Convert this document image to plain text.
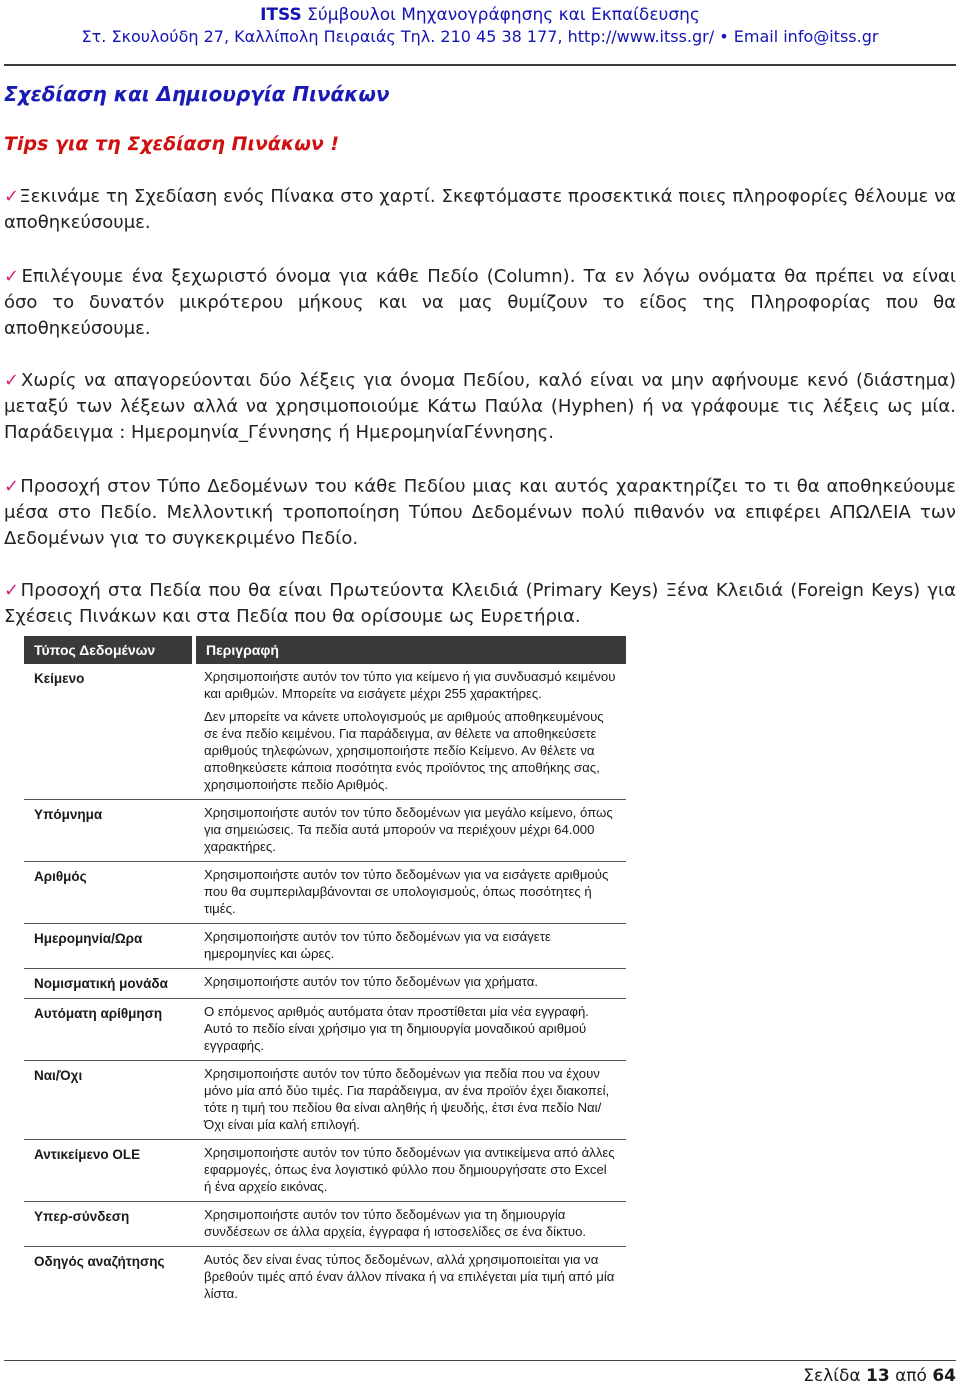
ITSS Σύμβουλοι Μηχανογράφησης και Εκπαίδευσης
Στ. Σκουλούδη 27, Καλλίπολη Πειραιάς Τηλ. 210 45 38 177, http://www.itss.gr/ • Email info@itss.gr
Σχεδίαση και Δημιουργία Πινάκων
Tips για τη Σχεδίαση Πινάκων !
✓Ξεκινάμε τη Σχεδίαση ενός Πίνακα στο χαρτί. Σκεφτόμαστε προσεκτικά ποιες πληροφορίες θέλουμε να αποθηκεύσουμε.
✓Επιλέγουμε ένα ξεχωριστό όνομα για κάθε Πεδίο (Column). Τα εν λόγω ονόματα θα πρέπει να είναι όσο το δυνατόν μικρότερου μήκους και να μας θυμίζουν το είδος της Πληροφορίας που θα αποθηκεύσουμε.
✓Χωρίς να απαγορεύονται δύο λέξεις για όνομα Πεδίου, καλό είναι να μην αφήνουμε κενό (διάστημα) μεταξύ των λέξεων αλλά να χρησιμοποιούμε Κάτω Παύλα (Hyphen) ή να γράφουμε τις λέξεις ως μία. Παράδειγμα : Ημερομηνία_Γέννησης ή ΗμερομηνίαΓέννησης.
✓Προσοχή στον Τύπο Δεδομένων του κάθε Πεδίου μιας και αυτός χαρακτηρίζει το τι θα αποθηκεύουμε μέσα στο Πεδίο. Μελλοντική τροποποίηση Τύπου Δεδομένων πολύ πιθανόν να επιφέρει ΑΠΩΛΕΙΑ των Δεδομένων για το συγκεκριμένο Πεδίο.
✓Προσοχή στα Πεδία που θα είναι Πρωτεύοντα Κλειδιά (Primary Keys) Ξένα Κλειδιά (Foreign Keys) για Σχέσεις Πινάκων και στα Πεδία που θα ορίσουμε ως Ευρετήρια.
Τύπος Δεδομένων	Περιγραφή
Κείμενο	Χρησιμοποιήστε αυτόν τον τύπο για κείμενο ή για συνδυασμό κειμένου και αριθμών. Μπορείτε να εισάγετε μέχρι 255 χαρακτήρες.

Δεν μπορείτε να κάνετε υπολογισμούς με αριθμούς αποθηκευμένους σε ένα πεδίο κειμένου. Για παράδειγμα, αν θέλετε να αποθηκεύσετε αριθμούς τηλεφώνων, χρησιμοποιήστε πεδίο Κείμενο. Αν θέλετε να αποθηκεύσετε κάποια ποσότητα ενός προϊόντος της αποθήκης σας, χρησιμοποιήστε πεδίο Αριθμός.

Υπόμνημα	Χρησιμοποιήστε αυτόν τον τύπο δεδομένων για μεγάλο κείμενο, όπως για σημειώσεις. Τα πεδία αυτά μπορούν να περιέχουν μέχρι 64.000 χαρακτήρες.

Αριθμός	Χρησιμοποιήστε αυτόν τον τύπο δεδομένων για να εισάγετε αριθμούς που θα συμπεριλαμβάνονται σε υπολογισμούς, όπως ποσότητες ή τιμές.

Ημερομηνία/Ωρα	Χρησιμοποιήστε αυτόν τον τύπο δεδομένων για να εισάγετε ημερομηνίες και ώρες.

Νομισματική μονάδα	Χρησιμοποιήστε αυτόν τον τύπο δεδομένων για χρήματα.

Αυτόματη αρίθμηση	Ο επόμενος αριθμός αυτόματα όταν προστίθεται μία νέα εγγραφή. Αυτό το πεδίο είναι χρήσιμο για τη δημιουργία μοναδικού αριθμού εγγραφής.

Ναι/Όχι	Χρησιμοποιήστε αυτόν τον τύπο δεδομένων για πεδία που να έχουν μόνο μία από δύο τιμές. Για παράδειγμα, αν ένα προϊόν έχει διακοπεί, τότε η τιμή του πεδίου θα είναι αληθής ή ψευδής, έτσι ένα πεδίο Ναι/Όχι είναι μία καλή επιλογή.

Αντικείμενο OLE	Χρησιμοποιήστε αυτόν τον τύπο δεδομένων για αντικείμενα από άλλες εφαρμογές, όπως ένα λογιστικό φύλλο που δημιουργήσατε στο Excel ή ένα αρχείο εικόνας.

Υπερ-σύνδεση	Χρησιμοποιήστε αυτόν τον τύπο δεδομένων για τη δημιουργία συνδέσεων σε άλλα αρχεία, έγγραφα ή ιστοσελίδες σε ένα δίκτυο.

Οδηγός αναζήτησης	Αυτός δεν είναι ένας τύπος δεδομένων, αλλά χρησιμοποιείται για να βρεθούν τιμές από έναν άλλον πίνακα ή να επιλέγεται μία τιμή από μία λίστα.

Σελίδα 13 από 64
